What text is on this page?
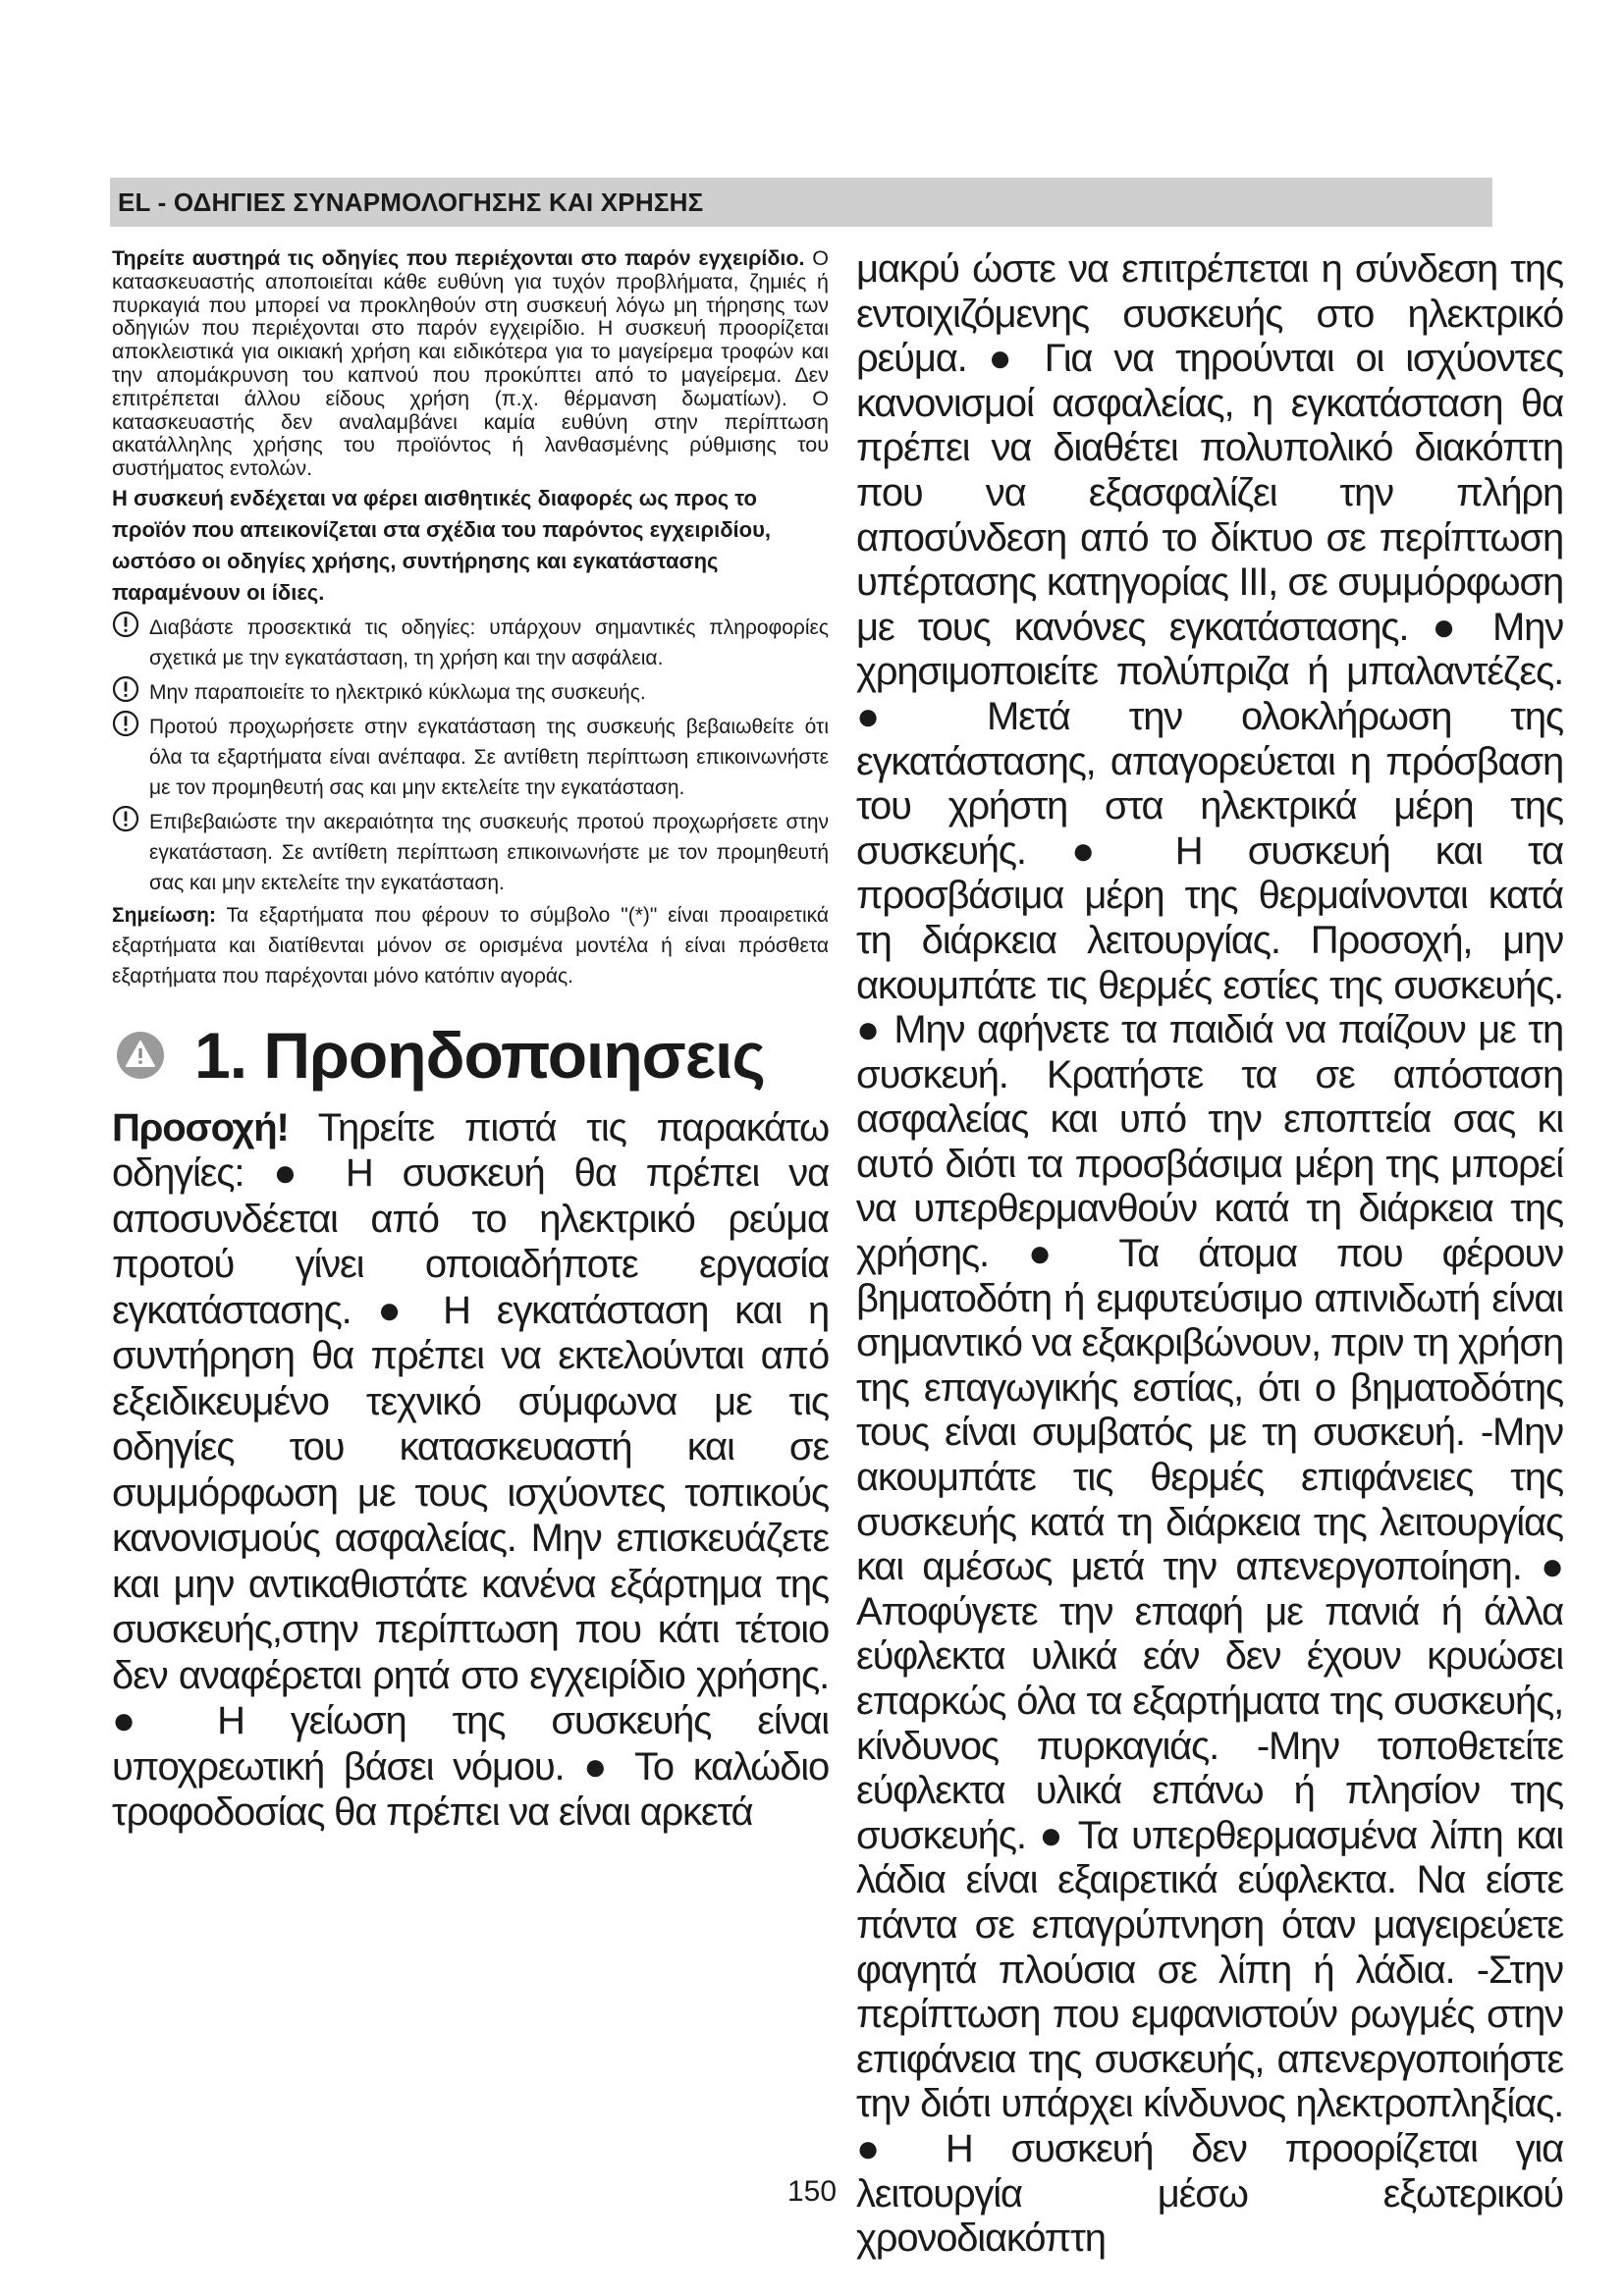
EL - ΟΔΗΓΙΕΣ ΣΥΝΑΡΜΟΛΟΓΗΣΗΣ ΚΑΙ ΧΡΗΣΗΣ

Τηρείτε αυστηρά τις οδηγίες που περιέχονται στο παρόν εγχειρίδιο. Ο κατασκευαστής αποποιείται κάθε ευθύνη για τυχόν προβλήματα, ζημιές ή πυρκαγιά που μπορεί να προκληθούν στη συσκευή λόγω μη τήρησης των οδηγιών που περιέχονται στο παρόν εγχειρίδιο. Η συσκευή προορίζεται αποκλειστικά για οικιακή χρήση και ειδικότερα για το μαγείρεμα τροφών και την απομάκρυνση του καπνού που προκύπτει από το μαγείρεμα. Δεν επιτρέπεται άλλου είδους χρήση (π.χ. θέρμανση δωματίων). Ο κατασκευαστής δεν αναλαμβάνει καμία ευθύνη στην περίπτωση ακατάλληλης χρήσης του προϊόντος ή λανθασμένης ρύθμισης του συστήματος εντολών.

Η συσκευή ενδέχεται να φέρει αισθητικές διαφορές ως προς το προϊόν που απεικονίζεται στα σχέδια του παρόντος εγχειριδίου, ωστόσο οι οδηγίες χρήσης, συντήρησης και εγκατάστασης παραμένουν οι ίδιες.

Διαβάστε προσεκτικά τις οδηγίες: υπάρχουν σημαντικές πληροφορίες σχετικά με την εγκατάσταση, τη χρήση και την ασφάλεια.

Μην παραποιείτε το ηλεκτρικό κύκλωμα της συσκευής.

Προτού προχωρήσετε στην εγκατάσταση της συσκευής βεβαιωθείτε ότι όλα τα εξαρτήματα είναι ανέπαφα. Σε αντίθετη περίπτωση επικοινωνήστε με τον προμηθευτή σας και μην εκτελείτε την εγκατάσταση.

Επιβεβαιώστε την ακεραιότητα της συσκευής προτού προχωρήσετε στην εγκατάσταση. Σε αντίθετη περίπτωση επικοινωνήστε με τον προμηθευτή σας και μην εκτελείτε την εγκατάσταση.

Σημείωση: Τα εξαρτήματα που φέρουν το σύμβολο "(*)" είναι προαιρετικά εξαρτήματα και διατίθενται μόνον σε ορισμένα μοντέλα ή είναι πρόσθετα εξαρτήματα που παρέχονται μόνο κατόπιν αγοράς.

1. Προηδοποιησεις

Προσοχή! Τηρείτε πιστά τις παρακάτω οδηγίες: ● Η συσκευή θα πρέπει να αποσυνδέεται από το ηλεκτρικό ρεύμα προτού γίνει οποιαδήποτε εργασία εγκατάστασης. ● Η εγκατάσταση και η συντήρηση θα πρέπει να εκτελούνται από εξειδικευμένο τεχνικό σύμφωνα με τις οδηγίες του κατασκευαστή και σε συμμόρφωση με τους ισχύοντες τοπικούς κανονισμούς ασφαλείας. Μην επισκευάζετε και μην αντικαθιστάτε κανένα εξάρτημα της συσκευής,στην περίπτωση που κάτι τέτοιο δεν αναφέρεται ρητά στο εγχειρίδιο χρήσης. ● Η γείωση της συσκευής είναι υποχρεωτική βάσει νόμου. ● Το καλώδιο τροφοδοσίας θα πρέπει να είναι αρκετά

μακρύ ώστε να επιτρέπεται η σύνδεση της εντοιχιζόμενης συσκευής στο ηλεκτρικό ρεύμα. ● Για να τηρούνται οι ισχύοντες κανονισμοί ασφαλείας, η εγκατάσταση θα πρέπει να διαθέτει πολυπολικό διακόπτη που να εξασφαλίζει την πλήρη αποσύνδεση από το δίκτυο σε περίπτωση υπέρτασης κατηγορίας ΙΙΙ, σε συμμόρφωση με τους κανόνες εγκατάστασης. ● Μην χρησιμοποιείτε πολύπριζα ή μπαλαντέζες. ● Μετά την ολοκλήρωση της εγκατάστασης, απαγορεύεται η πρόσβαση του χρήστη στα ηλεκτρικά μέρη της συσκευής. ● Η συσκευή και τα προσβάσιμα μέρη της θερμαίνονται κατά τη διάρκεια λειτουργίας. Προσοχή, μην ακουμπάτε τις θερμές εστίες της συσκευής. ● Μην αφήνετε τα παιδιά να παίζουν με τη συσκευή. Κρατήστε τα σε απόσταση ασφαλείας και υπό την εποπτεία σας κι αυτό διότι τα προσβάσιμα μέρη της μπορεί να υπερθερμανθούν κατά τη διάρκεια της χρήσης. ● Τα άτομα που φέρουν βηματοδότη ή εμφυτεύσιμο απινιδωτή είναι σημαντικό να εξακριβώνουν, πριν τη χρήση της επαγωγικής εστίας, ότι ο βηματοδότης τους είναι συμβατός με τη συσκευή. -Μην ακουμπάτε τις θερμές επιφάνειες της συσκευής κατά τη διάρκεια της λειτουργίας και αμέσως μετά την απενεργοποίηση. ● Αποφύγετε την επαφή με πανιά ή άλλα εύφλεκτα υλικά εάν δεν έχουν κρυώσει επαρκώς όλα τα εξαρτήματα της συσκευής, κίνδυνος πυρκαγιάς. -Μην τοποθετείτε εύφλεκτα υλικά επάνω ή πλησίον της συσκευής. ● Τα υπερθερμασμένα λίπη και λάδια είναι εξαιρετικά εύφλεκτα. Να είστε πάντα σε επαγρύπνηση όταν μαγειρεύετε φαγητά πλούσια σε λίπη ή λάδια. -Στην περίπτωση που εμφανιστούν ρωγμές στην επιφάνεια της συσκευής, απενεργοποιήστε την διότι υπάρχει κίνδυνος ηλεκτροπληξίας. ● Η συσκευή δεν προορίζεται για λειτουργία μέσω εξωτερικού χρονοδιακόπτη

150
